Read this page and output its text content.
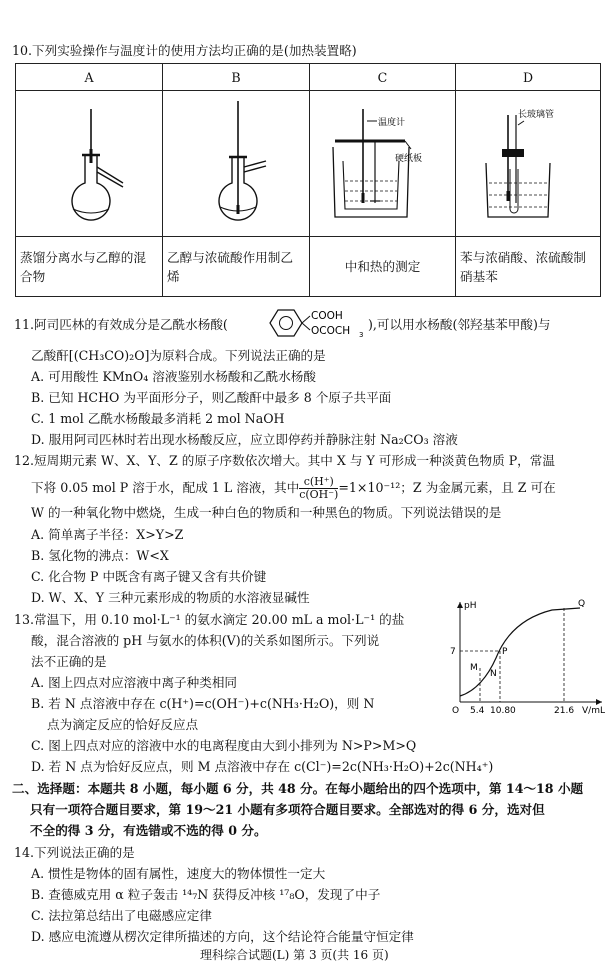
10.下列实验操作与温度计的使用方法均正确的是(加热装置略)
A	B	C	D

温度计
硬纸板	长玻璃管

蒸馏分离水与乙醇的混合物	乙醇与浓硫酸作用制乙烯	中和热的测定	苯与浓硝酸、浓硫酸制硝基苯
11.阿司匹林的有效成分是乙酰水杨酸(
COOH
OCOCH 3
),可以用水杨酸(邻羟基苯甲酸)与
乙酸酐[(CH₃CO)₂O]为原料合成。下列说法正确的是
A. 可用酸性 KMnO₄ 溶液鉴别水杨酸和乙酰水杨酸
B. 已知 HCHO 为平面形分子，则乙酸酐中最多 8 个原子共平面
C. 1 mol 乙酰水杨酸最多消耗 2 mol NaOH
D. 服用阿司匹林时若出现水杨酸反应，应立即停药并静脉注射 Na₂CO₃ 溶液
12.短周期元素 W、X、Y、Z 的原子序数依次增大。其中 X 与 Y 可形成一种淡黄色物质 P，常温
下将 0.05 mol P 溶于水，配成 1 L 溶液，其中 $\frac{c(H^+)}{c(OH^-)} =1\times 10^{-12}$；Z 为金属元素，且 Z 可在
W 的一种氧化物中燃烧，生成一种白色的物质和一种黑色的物质。下列说法错误的是
A. 简单离子半径：X>Y>Z
B. 氢化物的沸点：W<X
C. 化合物 P 中既含有离子键又含有共价键
D. W、X、Y 三种元素形成的物质的水溶液显碱性
13.常温下，用 0.10 mol·L⁻¹ 的氨水滴定 20.00 mL a mol·L⁻¹ 的盐
酸，混合溶液的 pH 与氨水的体积(V)的关系如图所示。下列说
法不正确的是
A. 图上四点对应溶液中离子种类相同
B. 若 N 点溶液中存在 c(H⁺)=c(OH⁻)+c(NH₃·H₂O)，则 N
点为滴定反应的恰好反应点
C. 图上四点对应的溶液中水的电离程度由大到小排列为 N>P>M>Q
D. 若 N 点为恰好反应点，则 M 点溶液中存在 c(Cl⁻)=2c(NH₃·H₂O)+2c(NH₄⁺)
pH
V/mL
O
7
M
N
P
Q
5.4 10.80	21.6
二、选择题：本题共 8 小题，每小题 6 分，共 48 分。在每小题给出的四个选项中，第 14～18 小题
只有一项符合题目要求，第 19～21 小题有多项符合题目要求。全部选对的得 6 分，选对但
不全的得 3 分，有选错或不选的得 0 分。
14.下列说法正确的是
A. 惯性是物体的固有属性，速度大的物体惯性一定大
B. 查德威克用 α 粒子轰击 ¹⁴₇N 获得反冲核 ¹⁷₈O，发现了中子
C. 法拉第总结出了电磁感应定律
D. 感应电流遵从楞次定律所描述的方向，这个结论符合能量守恒定律
理科综合试题(L) 第 3 页(共 16 页)
